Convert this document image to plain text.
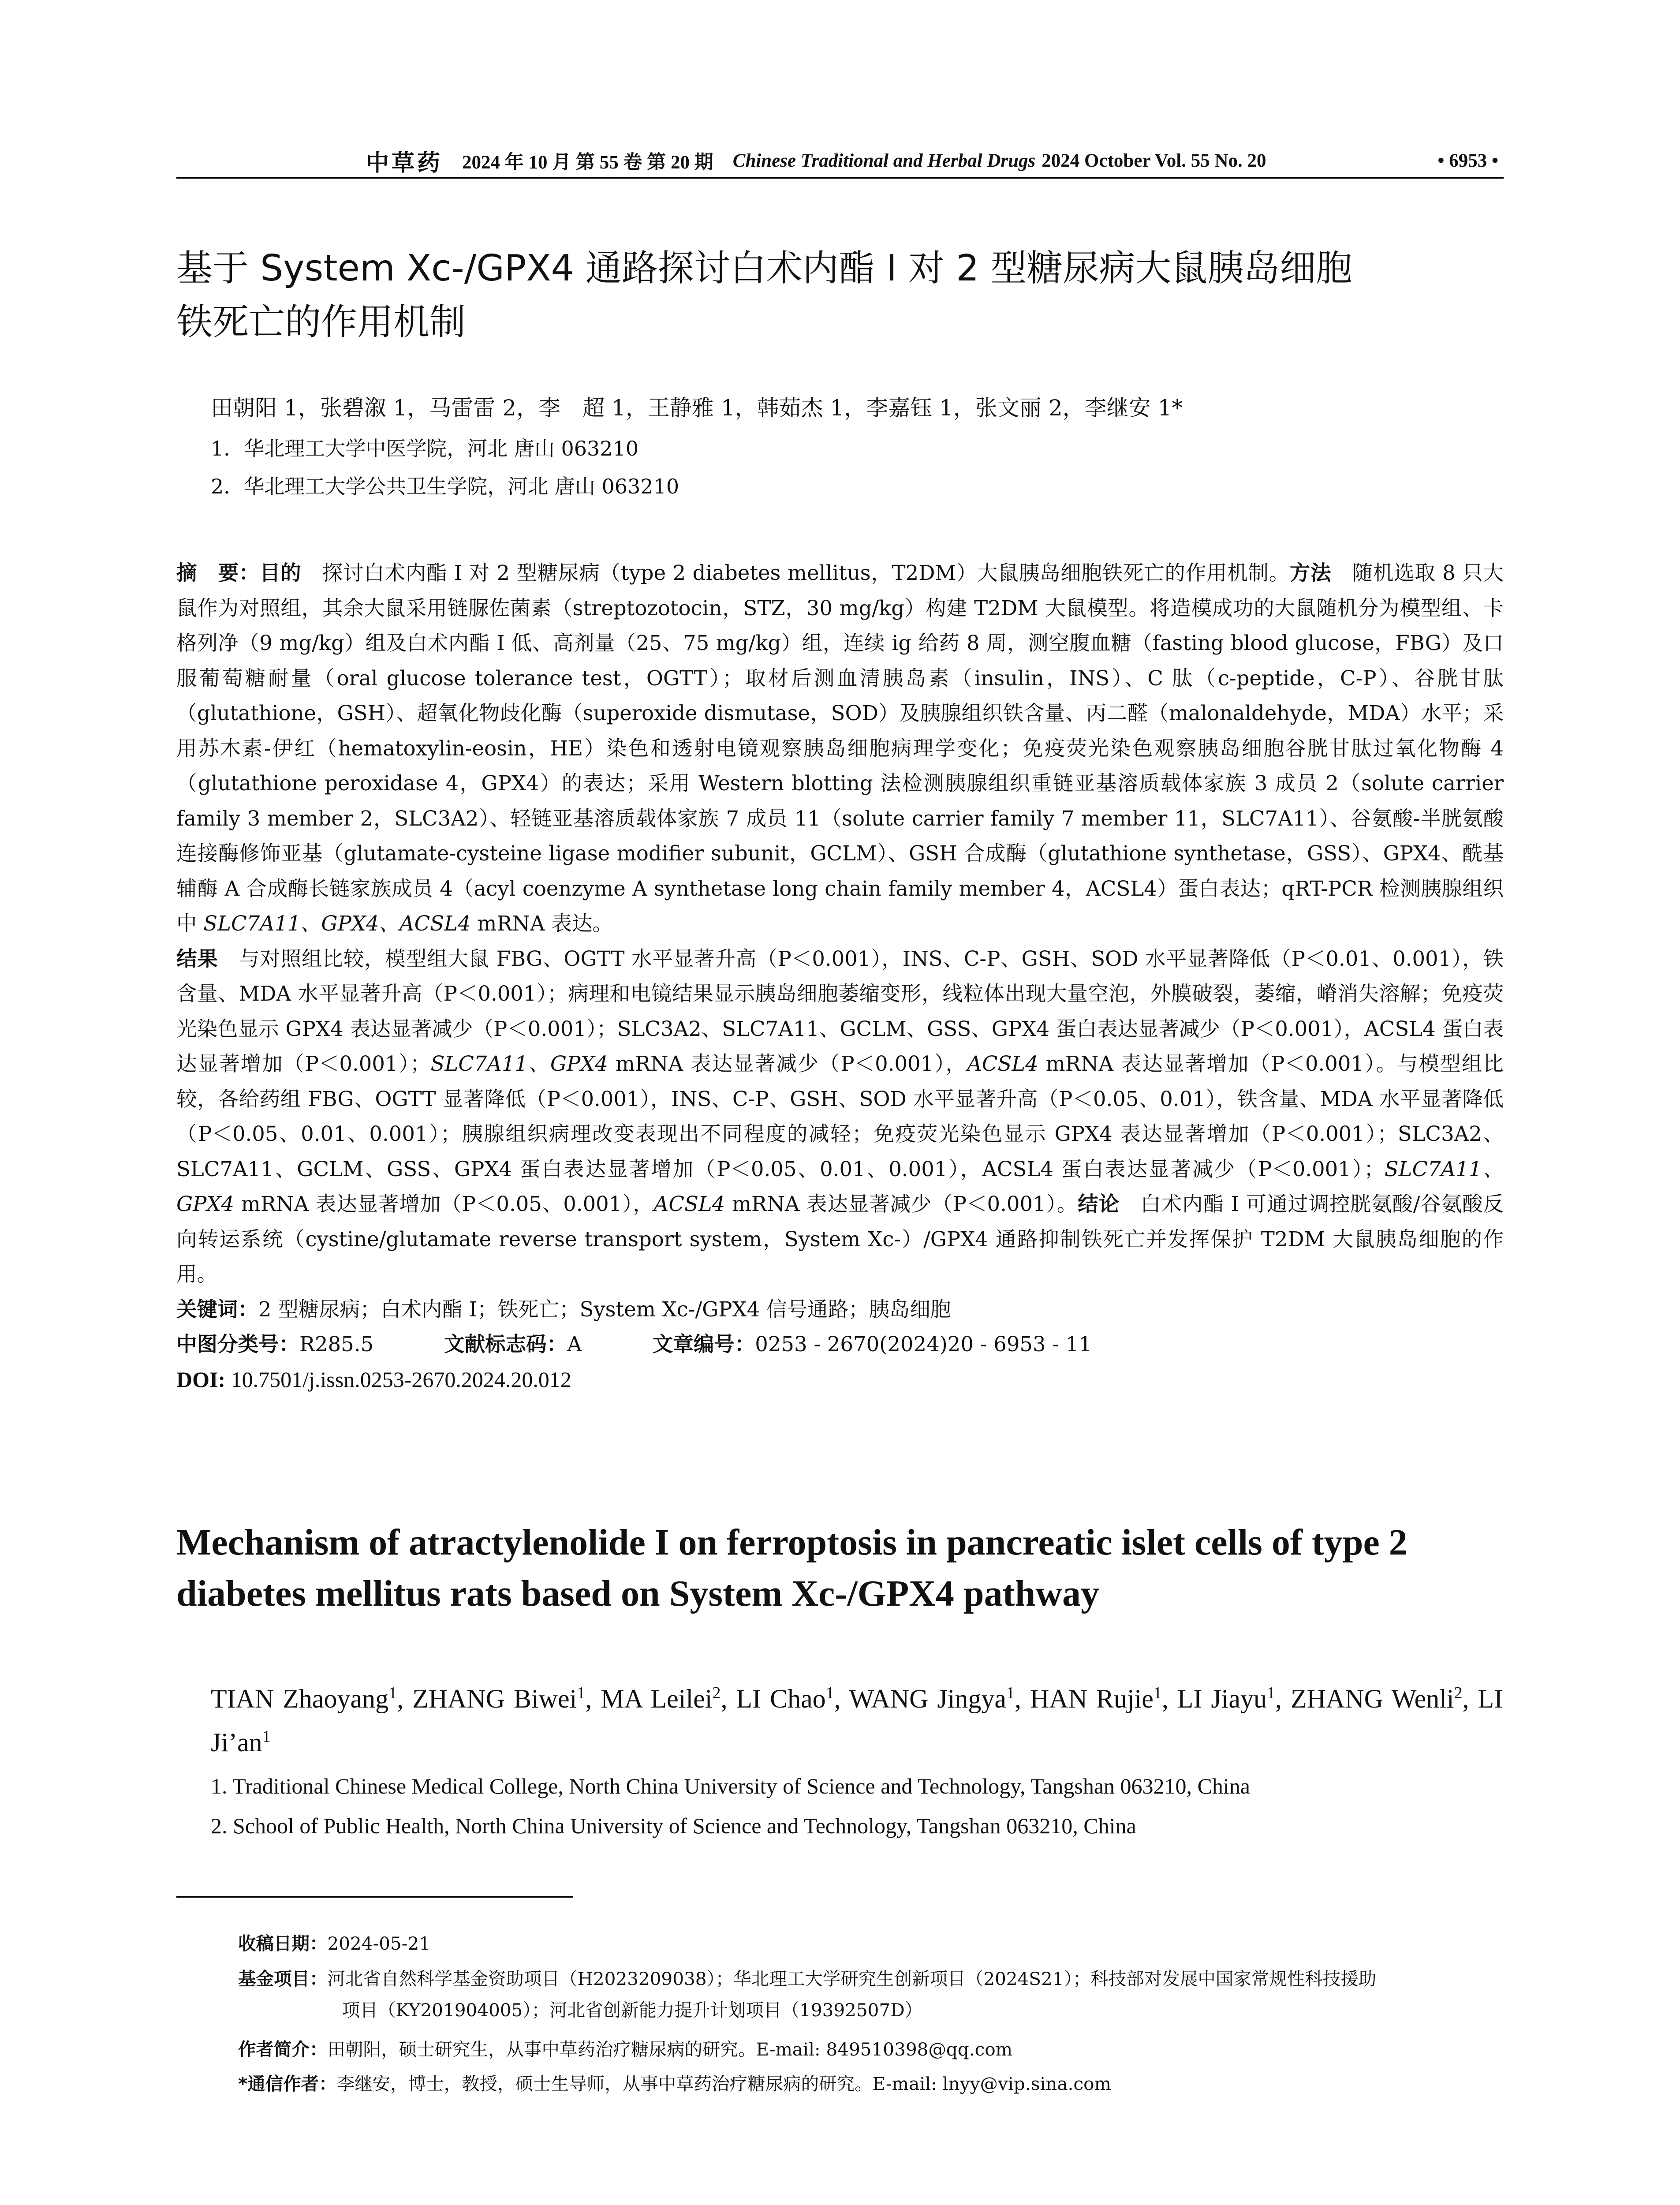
中草药 2024 年 10 月 第 55 卷 第 20 期 Chinese Traditional and Herbal Drugs 2024 October Vol. 55 No. 20	• 6953 •
基于 System Xc-/GPX4 通路探讨白术内酯 I 对 2 型糖尿病大鼠胰岛细胞
铁死亡的作用机制
田朝阳 1，张碧溆 1，马雷雷 2，李　超 1，王静雅 1，韩茹杰 1，李嘉钰 1，张文丽 2，李继安 1*
1．华北理工大学中医学院，河北 唐山 063210
2．华北理工大学公共卫生学院，河北 唐山 063210

摘　要：目的　探讨白术内酯 I 对 2 型糖尿病（type 2 diabetes mellitus，T2DM）大鼠胰岛细胞铁死亡的作用机制。方法　随机选取 8 只大鼠作为对照组，其余大鼠采用链脲佐菌素（streptozotocin，STZ，30 mg/kg）构建 T2DM 大鼠模型。将造模成功的大鼠随机分为模型组、卡格列净（9 mg/kg）组及白术内酯 I 低、高剂量（25、75 mg/kg）组，连续 ig 给药 8 周，测空腹血糖（fasting blood glucose，FBG）及口服葡萄糖耐量（oral glucose tolerance test，OGTT）；取材后测血清胰岛素（insulin，INS）、C 肽（c-peptide，C-P）、谷胱甘肽（glutathione，GSH）、超氧化物歧化酶（superoxide dismutase，SOD）及胰腺组织铁含量、丙二醛（malonaldehyde，MDA）水平；采用苏木素-伊红（hematoxylin-eosin，HE）染色和透射电镜观察胰岛细胞病理学变化；免疫荧光染色观察胰岛细胞谷胱甘肽过氧化物酶 4（glutathione peroxidase 4，GPX4）的表达；采用 Western blotting 法检测胰腺组织重链亚基溶质载体家族 3 成员 2（solute carrier family 3 member 2，SLC3A2）、轻链亚基溶质载体家族 7 成员 11（solute carrier family 7 member 11，SLC7A11）、谷氨酸-半胱氨酸连接酶修饰亚基（glutamate-cysteine ligase modifier subunit，GCLM）、GSH 合成酶（glutathione synthetase，GSS）、GPX4、酰基辅酶 A 合成酶长链家族成员 4（acyl coenzyme A synthetase long chain family member 4，ACSL4）蛋白表达；qRT-PCR 检测胰腺组织中 SLC7A11、GPX4、ACSL4 mRNA 表达。
结果　与对照组比较，模型组大鼠 FBG、OGTT 水平显著升高（P＜0.001），INS、C-P、GSH、SOD 水平显著降低（P＜0.01、0.001），铁含量、MDA 水平显著升高（P＜0.001）；病理和电镜结果显示胰岛细胞萎缩变形，线粒体出现大量空泡，外膜破裂，萎缩，嵴消失溶解；免疫荧光染色显示 GPX4 表达显著减少（P＜0.001）；SLC3A2、SLC7A11、GCLM、GSS、GPX4 蛋白表达显著减少（P＜0.001），ACSL4 蛋白表达显著增加（P＜0.001）；SLC7A11、GPX4 mRNA 表达显著减少（P＜0.001），ACSL4 mRNA 表达显著增加（P＜0.001）。与模型组比较，各给药组 FBG、OGTT 显著降低（P＜0.001），INS、C-P、GSH、SOD 水平显著升高（P＜0.05、0.01），铁含量、MDA 水平显著降低（P＜0.05、0.01、0.001）；胰腺组织病理改变表现出不同程度的减轻；免疫荧光染色显示 GPX4 表达显著增加（P＜0.001）；SLC3A2、SLC7A11、GCLM、GSS、GPX4 蛋白表达显著增加（P＜0.05、0.01、0.001），ACSL4 蛋白表达显著减少（P＜0.001）；SLC7A11、GPX4 mRNA 表达显著增加（P＜0.05、0.001），ACSL4 mRNA 表达显著减少（P＜0.001）。结论　白术内酯 I 可通过调控胱氨酸/谷氨酸反向转运系统（cystine/glutamate reverse transport system，System Xc-）/GPX4 通路抑制铁死亡并发挥保护 T2DM 大鼠胰岛细胞的作用。

关键词：2 型糖尿病；白术内酯 I；铁死亡；System Xc-/GPX4 信号通路；胰岛细胞
中图分类号：R285.5	文献标志码：A	文章编号：0253 - 2670(2024)20 - 6953 - 11
DOI: 10.7501/j.issn.0253-2670.2024.20.012
Mechanism of atractylenolide I on ferroptosis in pancreatic islet cells of type 2
diabetes mellitus rats based on System Xc-/GPX4 pathway
TIAN Zhaoyang$^1$, ZHANG Biwei$^1$, MA Leilei$^2$, LI Chao$^1$, WANG Jingya$^1$, HAN Rujie$^1$, LI Jiayu$^1$, ZHANG Wenli$^2$, LI $Ji’an^1$
1. Traditional Chinese Medical College, North China University of Science and Technology, Tangshan 063210, China
2. School of Public Health, North China University of Science and Technology, Tangshan 063210, China
收稿日期：2024-05-21
基金项目：河北省自然科学基金资助项目（H2023209038）；华北理工大学研究生创新项目（2024S21）；科技部对发展中国家常规性科技援助
项目（KY201904005）；河北省创新能力提升计划项目（19392507D）
作者简介：田朝阳，硕士研究生，从事中草药治疗糖尿病的研究。E-mail: 849510398@qq.com
*通信作者：李继安，博士，教授，硕士生导师，从事中草药治疗糖尿病的研究。E-mail: lnyy@vip.sina.com
